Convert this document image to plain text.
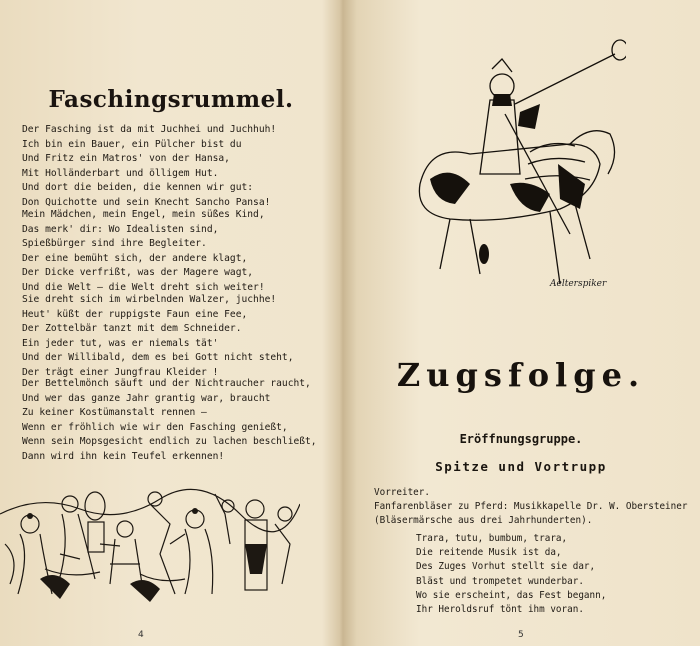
Faschingsrummel.
Der Fasching ist da mit Juchhei und Juchhuh!
Ich bin ein Bauer, ein Pülcher bist du
Und Fritz ein Matros' von der Hansa,
Mit Holländerbart und ölligem Hut.
Und dort die beiden, die kennen wir gut:
Don Quichotte und sein Knecht Sancho Pansa!
Mein Mädchen, mein Engel, mein süßes Kind,
Das merk' dir: Wo Idealisten sind,
Spießbürger sind ihre Begleiter.
Der eine bemüht sich, der andere klagt,
Der Dicke verfrißt, was der Magere wagt,
Und die Welt — die Welt dreht sich weiter!
Sie dreht sich im wirbelnden Walzer, juchhe!
Heut' küßt der ruppigste Faun eine Fee,
Der Zottelbär tanzt mit dem Schneider.
Ein jeder tut, was er niemals tät'
Und der Willibald, dem es bei Gott nicht steht,
Der trägt einer Jungfrau Kleider !
Der Bettelmönch säuft und der Nichtraucher raucht,
Und wer das ganze Jahr grantig war, braucht
Zu keiner Kostümanstalt rennen —
Wenn er fröhlich wie wir den Fasching genießt,
Wenn sein Mopsgesicht endlich zu lachen beschließt,
Dann wird ihn kein Teufel erkennen!
4
Aelterspiker
Zugsfolge.
Eröffnungsgruppe.
Spitze und Vortrupp
Vorreiter.
Fanfarenbläser zu Pferd: Musikkapelle Dr. W. Obersteiner
(Bläsermärsche aus drei Jahrhunderten).
Trara, tutu, bumbum, trara,
Die reitende Musik ist da,
Des Zuges Vorhut stellt sie dar,
Bläst und trompetet wunderbar.
Wo sie erscheint, das Fest begann,
Ihr Heroldsruf tönt ihm voran.
5
